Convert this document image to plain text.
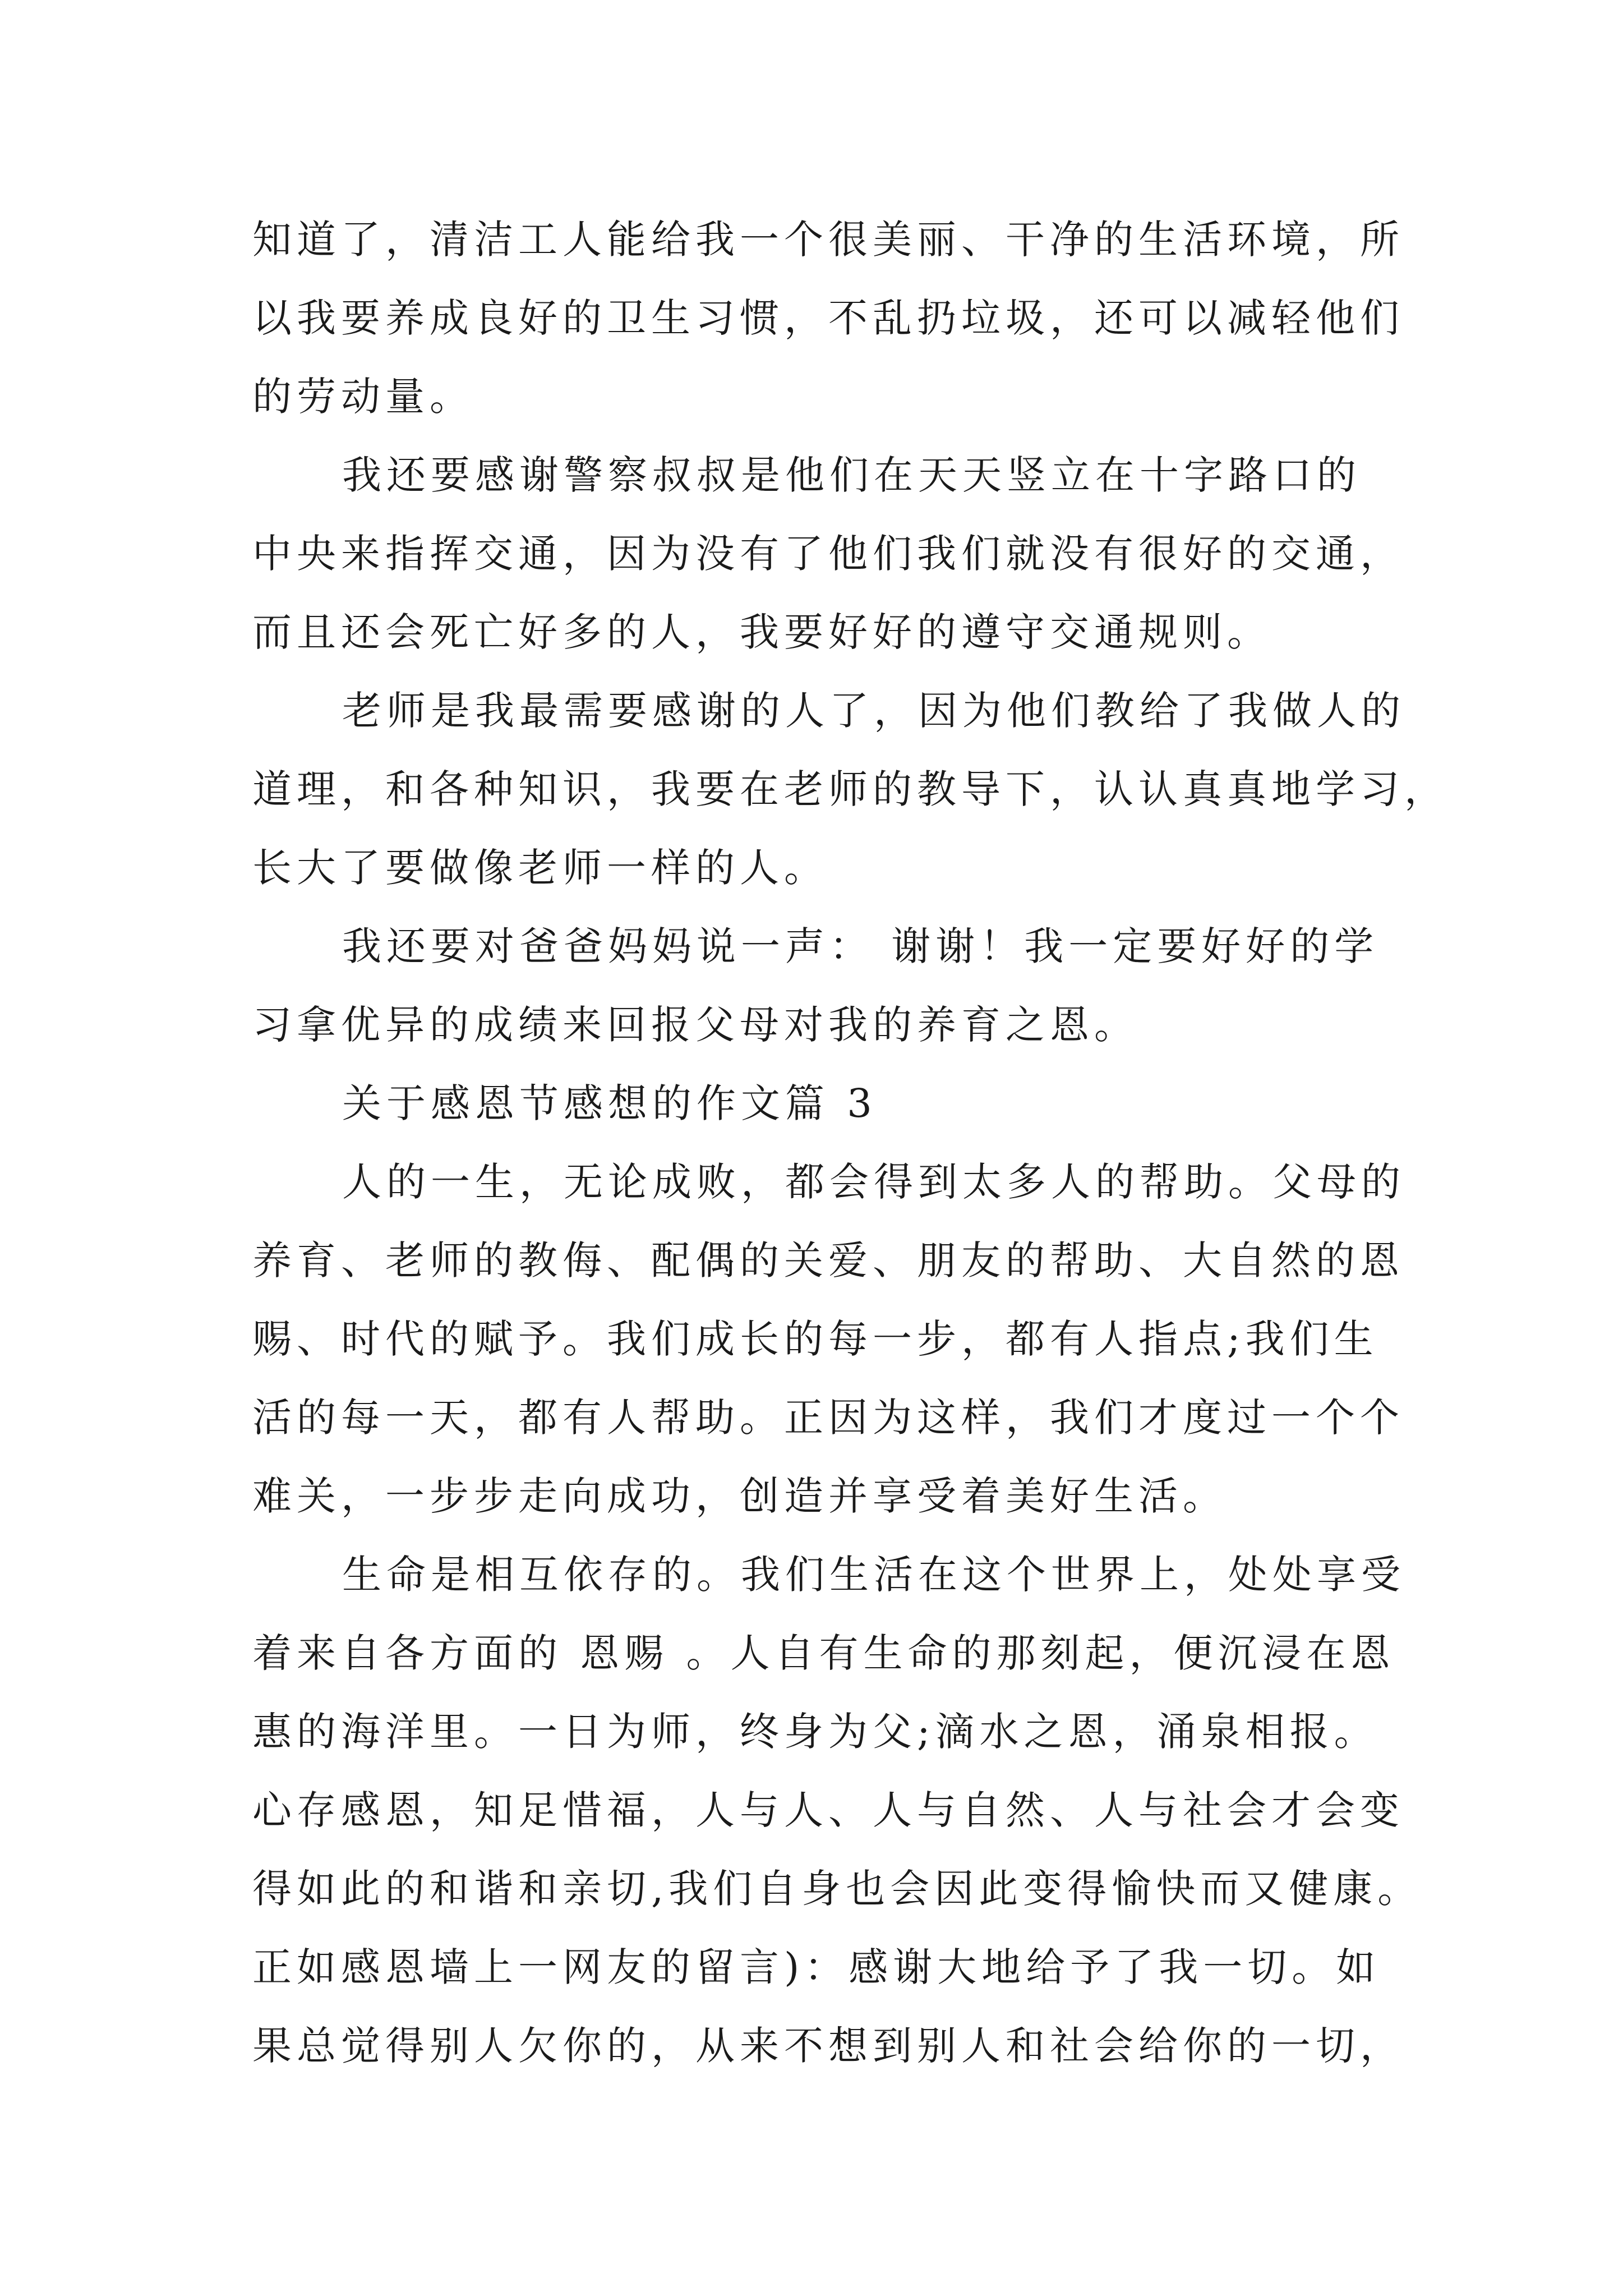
知道了，清洁工人能给我一个很美丽、干净的生活环境，所

以我要养成良好的卫生习惯，不乱扔垃圾，还可以减轻他们

的劳动量。

我还要感谢警察叔叔是他们在天天竖立在十字路口的

中央来指挥交通，因为没有了他们我们就没有很好的交通，

而且还会死亡好多的人，我要好好的遵守交通规则。

老师是我最需要感谢的人了，因为他们教给了我做人的

道理，和各种知识，我要在老师的教导下，认认真真地学习，

长大了要做像老师一样的人。

我还要对爸爸妈妈说一声： 谢谢！我一定要好好的学

习拿优异的成绩来回报父母对我的养育之恩。

关于感恩节感想的作文篇 3

人的一生，无论成败，都会得到太多人的帮助。父母的

养育、老师的教侮、配偶的关爱、朋友的帮助、大自然的恩

赐、时代的赋予。我们成长的每一步，都有人指点;我们生

活的每一天，都有人帮助。正因为这样，我们才度过一个个

难关，一步步走向成功，创造并享受着美好生活。

生命是相互依存的。我们生活在这个世界上，处处享受

着来自各方面的 恩赐 。人自有生命的那刻起，便沉浸在恩

惠的海洋里。一日为师，终身为父;滴水之恩，涌泉相报。

心存感恩，知足惜福，人与人、人与自然、人与社会才会变

得如此的和谐和亲切,我们自身也会因此变得愉快而又健康。

正如感恩墙上一网友的留言)：感谢大地给予了我一切。如

果总觉得别人欠你的，从来不想到别人和社会给你的一切，
